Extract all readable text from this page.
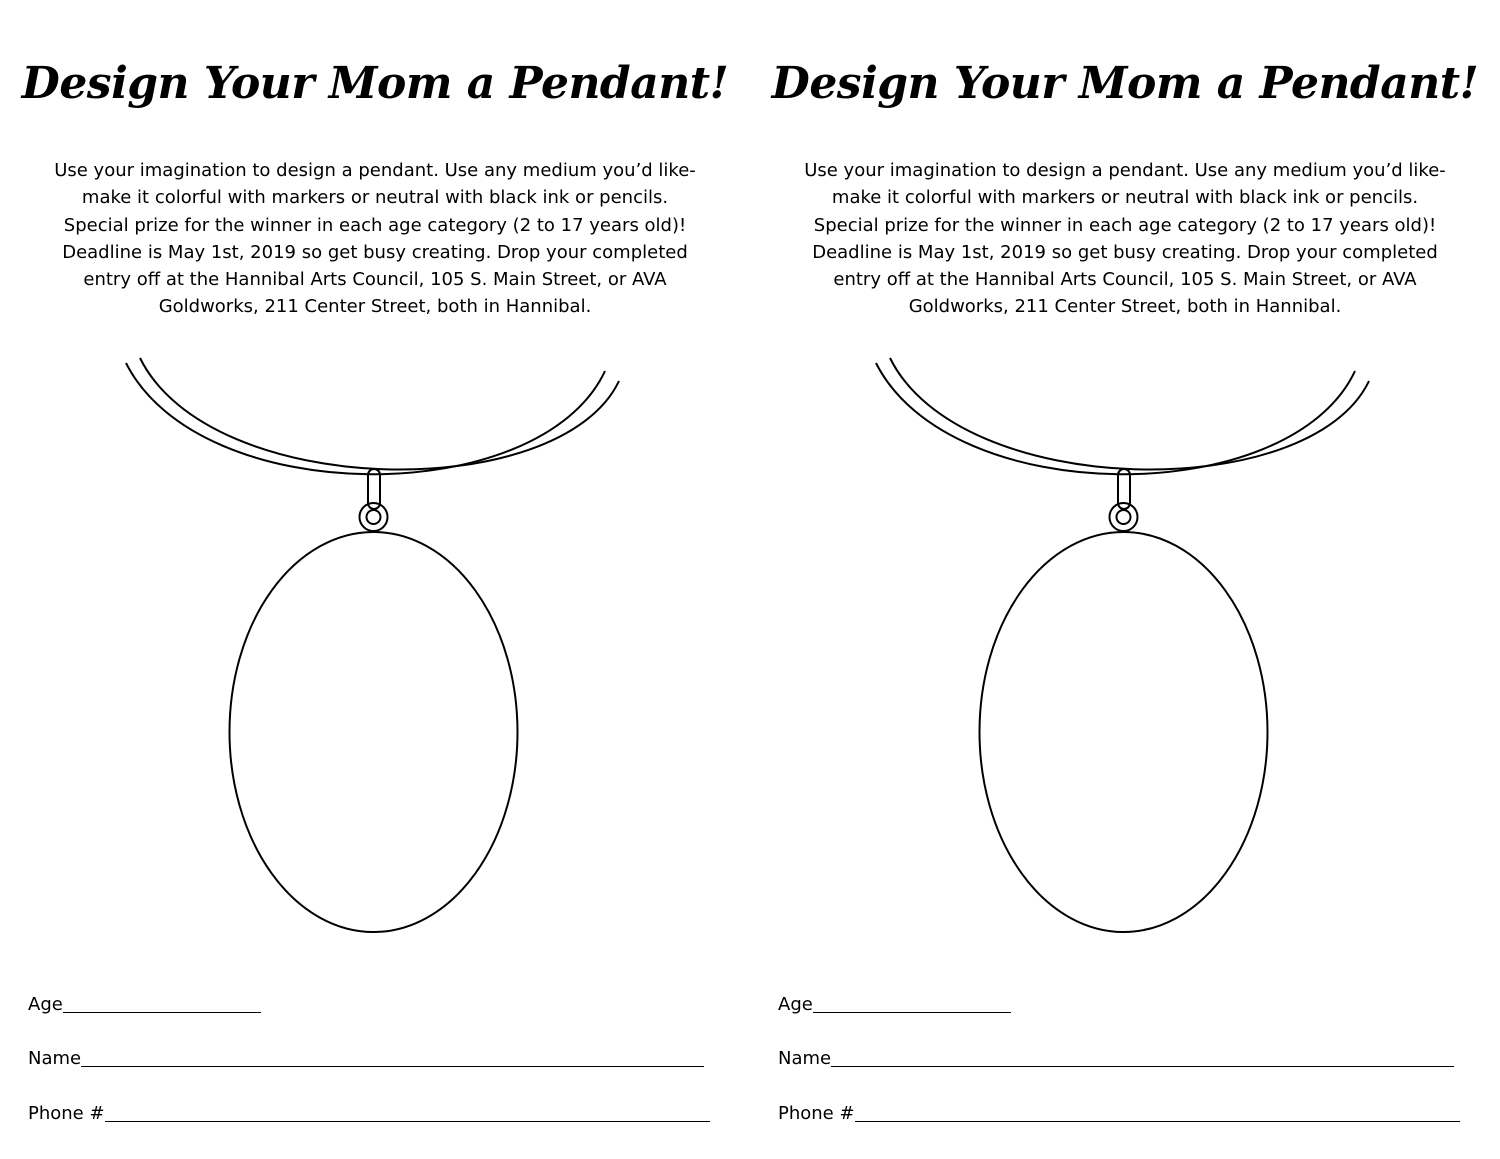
Design Your Mom a Pendant!
Use your imagination to design a pendant. Use any medium you’d like- make it colorful with markers or neutral with black ink or pencils. Special prize for the winner in each age category (2 to 17 years old)! Deadline is May 1st, 2019 so get busy creating. Drop your completed entry off at the Hannibal Arts Council, 105 S. Main Street, or AVA Goldworks, 211 Center Street, both in Hannibal.
Age
Name
Phone #
Design Your Mom a Pendant!
Use your imagination to design a pendant. Use any medium you’d like- make it colorful with markers or neutral with black ink or pencils. Special prize for the winner in each age category (2 to 17 years old)! Deadline is May 1st, 2019 so get busy creating. Drop your completed entry off at the Hannibal Arts Council, 105 S. Main Street, or AVA Goldworks, 211 Center Street, both in Hannibal.
Age
Name
Phone #
